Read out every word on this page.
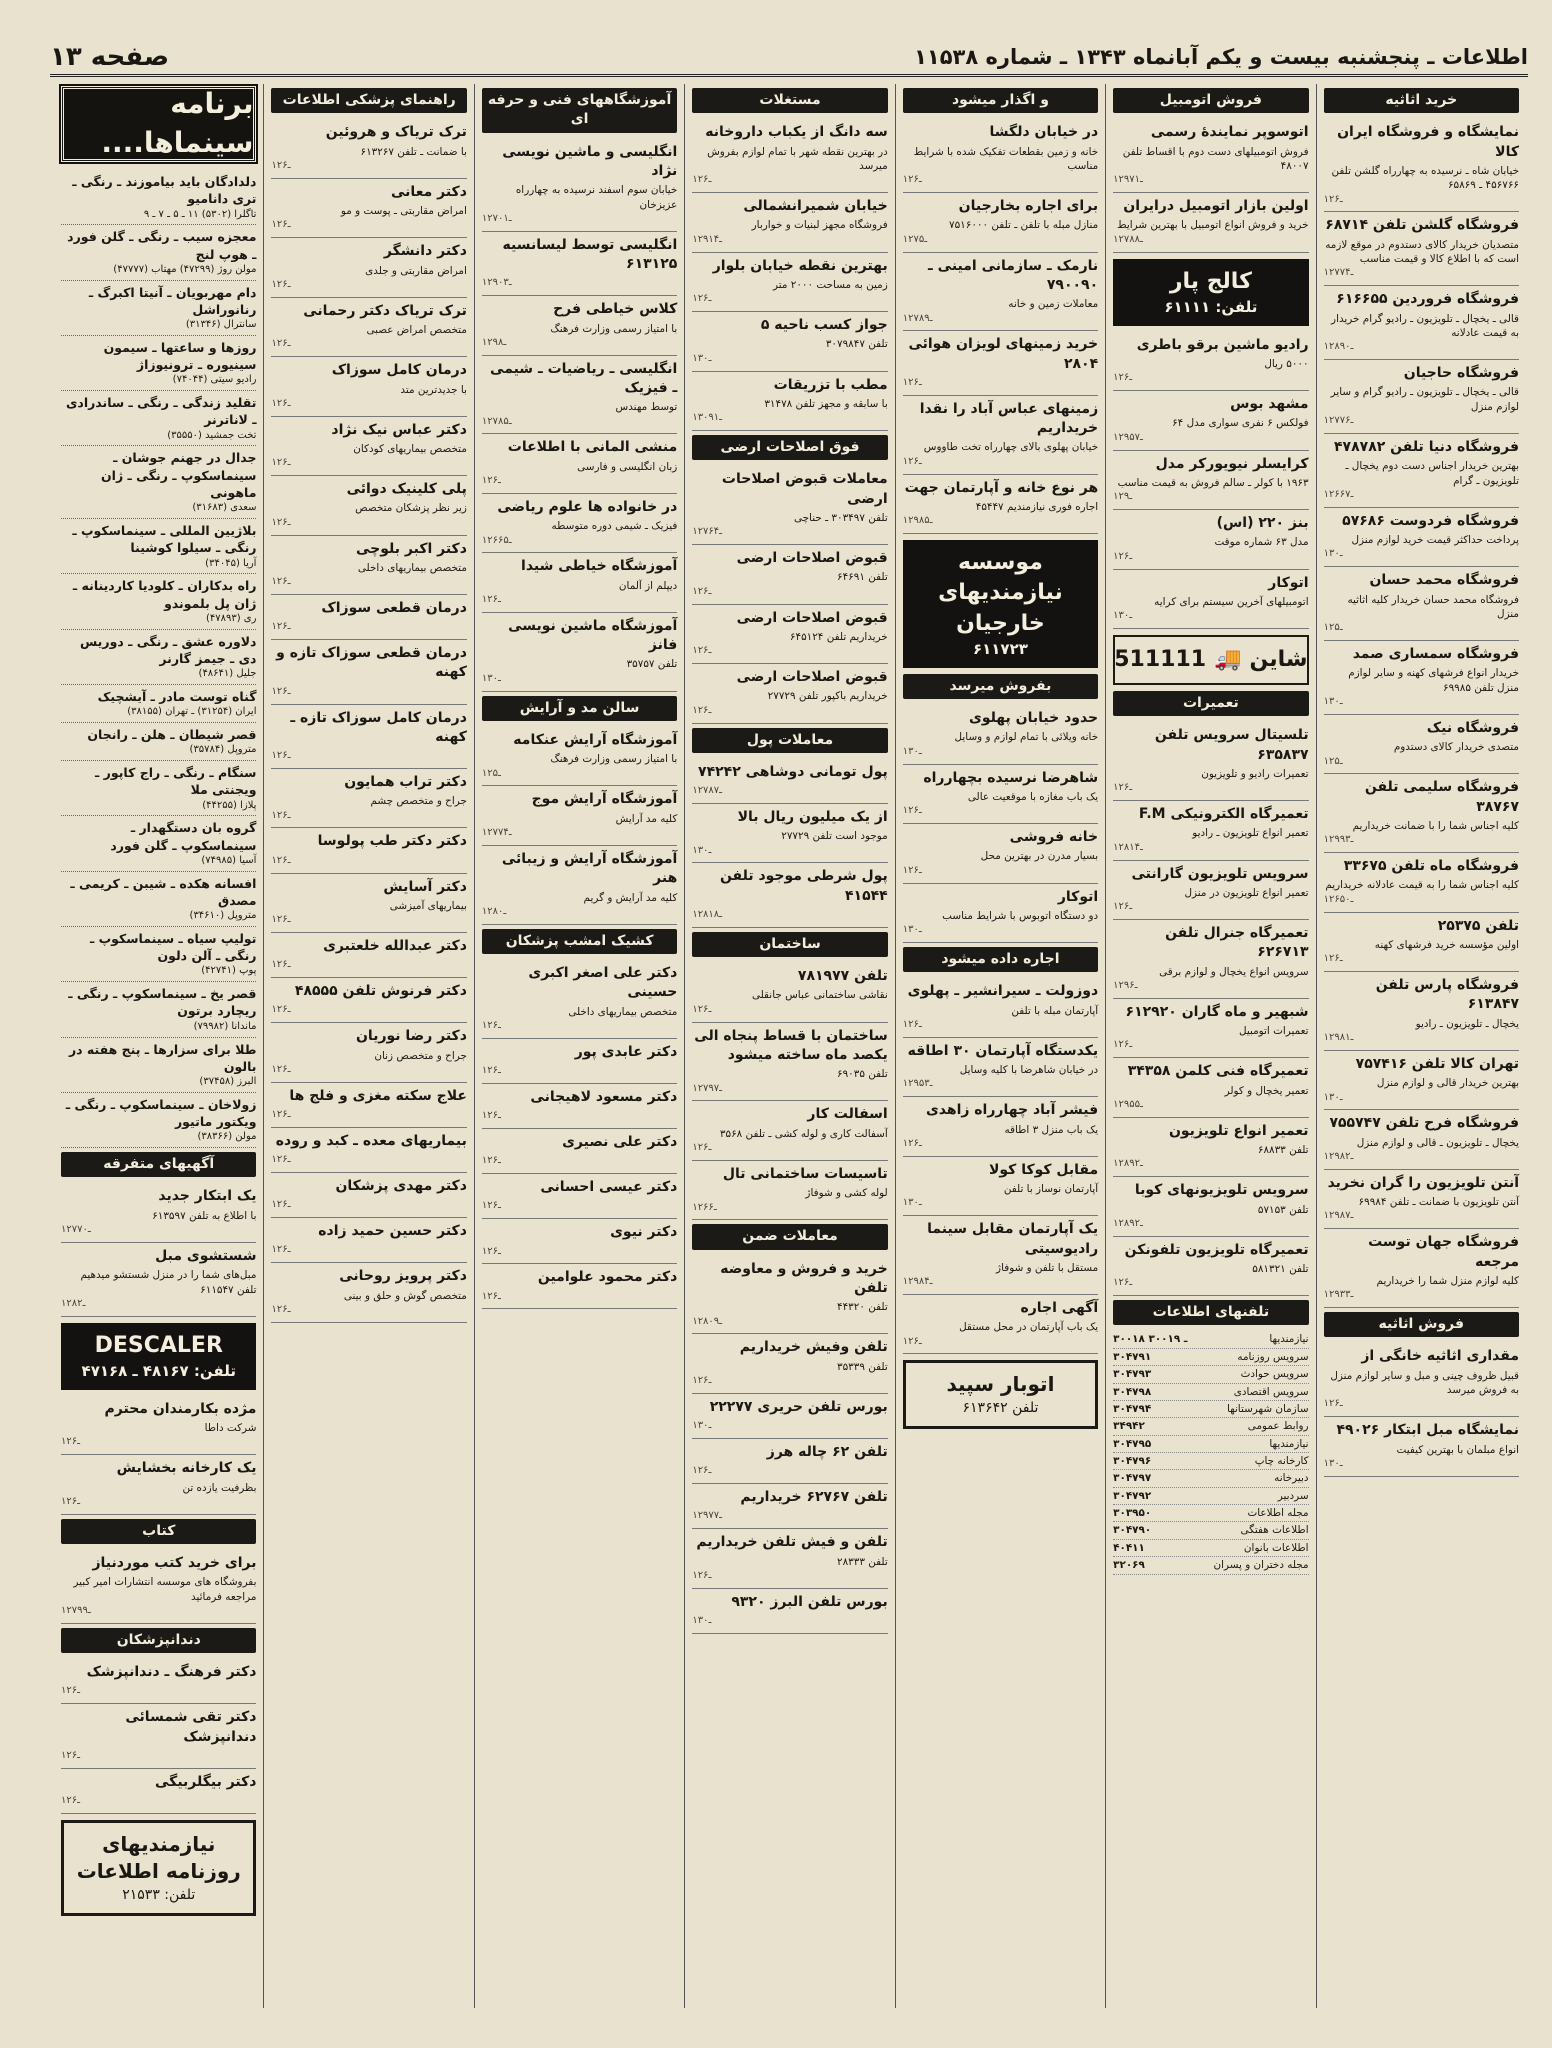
اطلاعات ـ پنجشنبه بیست و یکم آبانماه ۱۳۴۳ ـ شماره ۱۱۵۳۸
صفحه ۱۳
خرید اثاثیه
نمایشگاه و فروشگاه ایران کالا
خیابان شاه ـ نرسیده به چهارراه گلشن تلفن ۴۵۶۷۶۶ ـ ۶۵۸۶۹
۱ـ۲۶
فروشگاه گلشن تلفن ۶۸۷۱۴
متصدیان خریدار کالای دستدوم در موقع لازمه است که با اطلاع کالا و قیمت مناسب
۱ـ۲۷۷۴
فروشگاه فروردین ۶۱۶۶۵۵
قالی ـ یخچال ـ تلویزیون ـ رادیو گرام خریدار به قیمت عادلانه
۱ـ۲۸۹۰
فروشگاه حاجیان
قالی ـ یخچال ـ تلویزیون ـ رادیو گرام و سایر لوازم منزل
۱ـ۲۷۷۶
فروشگاه دنیا تلفن ۴۷۸۷۸۲
بهترین خریدار اجناس دست دوم یخچال ـ تلویزیون ـ گرام
۱ـ۲۶۶۷
فروشگاه فردوست ۵۷۶۸۶
پرداخت حداکثر قیمت خرید لوازم منزل
۱ـ۳۰
فروشگاه محمد حسان
فروشگاه محمد حسان خریدار کلیه اثاثیه منزل
۱ـ۲۵
فروشگاه سمساری صمد
خریدار انواع فرشهای کهنه و سایر لوازم منزل تلفن ۶۹۹۸۵
۱ـ۳۰
فروشگاه نیک
متصدی خریدار کالای دستدوم
۱ـ۲۵
فروشگاه سلیمی تلفن ۳۸۷۶۷
کلیه اجناس شما را با ضمانت خریداریم
۱ـ۲۹۹۳
فروشگاه ماه تلفن ۳۳۶۷۵
کلیه اجناس شما را به قیمت عادلانه خریداریم
۱ـ۲۶۵۰
تلفن ۲۵۳۷۵
اولین مؤسسه خرید فرشهای کهنه
۱ـ۲۶
فروشگاه پارس تلفن ۶۱۳۸۴۷
یخچال ـ تلویزیون ـ رادیو
۱ـ۲۹۸۱
تهران کالا تلفن ۷۵۷۴۱۶
بهترین خریدار قالی و لوازم منزل
۱ـ۳۰
فروشگاه فرح تلفن ۷۵۵۷۴۷
یخچال ـ تلویزیون ـ قالی و لوازم منزل
۱ـ۲۹۸۲
آنتن تلویزیون را گران نخرید
آنتن تلویزیون با ضمانت ـ تلفن ۶۹۹۸۴
۱ـ۲۹۸۷
فروشگاه جهان توست مرجعه
کلیه لوازم منزل شما را خریداریم
۱ـ۲۹۳۳
فروش اثاثیه
مقداری اثاثیه خانگی از
قبیل ظروف چینی و مبل و سایر لوازم منزل به فروش میرسد
۱ـ۲۶
نمایشگاه مبل ابتکار ۴۹۰۲۶
انواع مبلمان با بهترین کیفیت
۱ـ۳۰
فروش اتومبیل
اتوسوپر نمایندهٔ رسمی
فروش اتومبیلهای دست دوم با اقساط تلفن ۴۸۰۰۷
۱ـ۲۹۷۱
اولین بازار اتومبیل درایران
خرید و فروش انواع اتومبیل با بهترین شرایط
۱ـ۲۷۸۸
کالج پار
تلفن: ۶۱۱۱۱
رادیو ماشین برقو باطری
۵۰۰۰ ریال
۱ـ۲۶
مشهد بوس
فولکس ۶ نفری سواری مدل ۶۴
۱ـ۲۹۵۷
کرایسلر نیویورکر مدل
۱۹۶۳ با کولر ـ سالم فروش به قیمت مناسب
۱ـ۲۹
بنز ۲۲۰ (اس)
مدل ۶۳ شماره موقت
۱ـ۲۶
اتوکار
اتومبیلهای آخرین سیستم برای کرایه
۱ـ۳۰
511111 🚚 شاین
تعمیرات
تلسیتال سرویس تلفن ۶۳۵۸۳۷
تعمیرات رادیو و تلویزیون
۱ـ۲۶
تعمیرگاه الکترونیکی F.M
تعمیر انواع تلویزیون ـ رادیو
۱ـ۲۸۱۴
سرویس تلویزیون گارانتی
تعمیر انواع تلویزیون در منزل
۱ـ۲۶
تعمیرگاه جنرال تلفن ۶۲۶۷۱۳
سرویس انواع یخچال و لوازم برقی
۱ـ۲۹۶
شبهیر و ماه گاران ۶۱۲۹۲۰
تعمیرات اتومبیل
۱ـ۲۶
تعمیرگاه فنی کلمن ۳۴۳۵۸
تعمیر یخچال و کولر
۱ـ۲۹۵۵
تعمیر انواع تلویزیون
تلفن ۶۸۸۳۳
۱ـ۲۸۹۲
سرویس تلویزیونهای کوبا
تلفن ۵۷۱۵۳
۱ـ۲۸۹۲
تعمیرگاه تلویزیون تلفونکن
تلفن ۵۸۱۳۲۱
۱ـ۲۶
تلفنهای اطلاعات
نیازمندیها
۳۰۰۱۸ ـ ۳۰۰۱۹
سرویس روزنامه
۳۰۴۷۹۱
سرویس حوادث
۳۰۴۷۹۳
سرویس اقتصادی
۳۰۴۷۹۸
سازمان شهرستانها
۳۰۴۷۹۴
روابط عمومی
۳۴۹۴۲
نیازمندیها
۳۰۴۷۹۵
کارخانه چاپ
۳۰۴۷۹۶
دبیرخانه
۳۰۴۷۹۷
سردبیر
۳۰۴۷۹۲
مجله اطلاعات
۳۰۳۹۵۰
اطلاعات هفتگی
۳۰۴۷۹۰
اطلاعات بانوان
۴۰۴۱۱
مجله دختران و پسران
۳۲۰۶۹
و اگذار میشود
در خیابان دلگشا
خانه و زمین بقطعات تفکیک شده با شرایط مناسب
۱ـ۲۶
برای اجاره بخارجیان
منازل مبله با تلفن ـ تلفن ۷۵۱۶۰۰۰
۱ـ۲۷۵
نارمک ـ سازمانی امینی ـ ۷۹۰۰۹۰
معاملات زمین و خانه
۱ـ۲۷۸۹
خرید زمینهای لویزان هوائی ۲۸۰۴
۱ـ۲۶
زمینهای عباس آباد را نقدا خریداریم
خیابان پهلوی بالای چهارراه تخت طاووس
۱ـ۲۶
هر نوع خانه و آپارتمان جهت
اجاره فوری نیازمندیم ۴۵۴۴۷
۱ـ۲۹۸۵
موسسه نیازمندیهای خارجیان
۶۱۱۷۲۳
بفروش میرسد
حدود خیابان پهلوی
خانه ویلائی با تمام لوازم و وسایل
۱ـ۳۰
شاهرضا نرسیده بچهارراه
یک باب مغازه با موقعیت عالی
۱ـ۲۶
خانه فروشی
بسیار مدرن در بهترین محل
۱ـ۲۶
اتوکار
دو دستگاه اتوبوس با شرایط مناسب
۱ـ۳۰
اجاره داده میشود
دوزولت ـ سیرانشیر ـ پهلوی
آپارتمان مبله با تلفن
۱ـ۲۶
یکدستگاه آپارتمان ۳۰ اطاقه
در خیابان شاهرضا با کلیه وسایل
۱ـ۲۹۵۳
فیشر آباد چهارراه زاهدی
یک باب منزل ۳ اطاقه
۱ـ۲۶
مقابل کوکا کولا
آپارتمان نوساز با تلفن
۱ـ۳۰
یک آپارتمان مقابل سینما رادیوسیتی
مستقل با تلفن و شوفاژ
۱ـ۲۹۸۴
آگهی اجاره
یک باب آپارتمان در محل مستقل
۱ـ۲۶
اتوبار سپید
تلفن ۶۱۳۶۴۲
مستغلات
سه دانگ از یکباب داروخانه
در بهترین نقطه شهر با تمام لوازم بفروش میرسد
۱ـ۲۶
خیابان شمیرانشمالی
فروشگاه مجهز لبنیات و خواربار
۱ـ۲۹۱۴
بهترین نقطه خیابان بلوار
زمین به مساحت ۲۰۰۰ متر
۱ـ۲۶
جواز کسب ناحیه ۵
تلفن ۳۰۷۹۸۴۷
۱ـ۳۰
مطب با تزریقات
با سابقه و مجهز تلفن ۳۱۴۷۸
۱ـ۳۰۹۱
فوق اصلاحات ارضی
معاملات قبوض اصلاحات ارضی
تلفن ۳۰۳۴۹۷ ـ حناچی
۱ـ۲۷۶۴
قبوض اصلاحات ارضی
تلفن ۶۴۶۹۱
۱ـ۲۶
قبوض اصلاحات ارضی
خریداریم تلفن ۶۴۵۱۲۴
۱ـ۲۶
قبوض اصلاحات ارضی
خریداریم باکپور تلفن ۲۷۷۲۹
۱ـ۲۶
معاملات پول
پول تومانی دوشاهی ۷۴۲۴۲
۱ـ۲۷۸۷
از یک میلیون ریال بالا
موجود است تلفن ۲۷۷۲۹
۱ـ۳۰
پول شرطی موجود تلفن ۴۱۵۴۴
۱ـ۲۸۱۸
ساختمان
تلفن ۷۸۱۹۷۷
نقاشی ساختمانی عباس جانقلی
۱ـ۲۶
ساختمان با قساط پنجاه الی یکصد ماه ساخته میشود
تلفن ۶۹۰۳۵
۱ـ۲۷۹۷
اسفالت کار
آسفالت کاری و لوله کشی ـ تلفن ۳۵۶۸
۱ـ۲۶
تاسیسات ساختمانی تال
لوله کشی و شوفاژ
۱ـ۲۶۶
معاملات ضمن
خرید و فروش و معاوضه تلفن
تلفن ۴۴۳۲۰
۱ـ۲۸۰۹
تلفن وفیش خریداریم
تلفن ۳۵۳۳۹
۱ـ۲۶
بورس تلفن حریری ۲۲۲۷۷
۱ـ۳۰
تلفن ۶۲ چاله هرز
۱ـ۲۶
تلفن ۶۲۷۶۷ خریداریم
۱ـ۲۹۷۷
تلفن و فیش تلفن خریداریم
تلفن ۲۸۳۳۳
۱ـ۲۶
بورس تلفن البرز ۹۳۲۰
۱ـ۳۰
آموزشگاههای فنی و حرفه ای
انگلیسی و ماشین نویسی نژاد
خیابان سوم اسفند نرسیده به چهارراه عزیزخان
۱ـ۲۷۰۱
انگلیسی توسط لیسانسیه ۶۱۳۱۲۵
۱ـ۲۹۰۳
کلاس خیاطی فرح
با امتیاز رسمی وزارت فرهنگ
۱ـ۲۹۸
انگلیسی ـ ریاضیات ـ شیمی ـ فیزیک
توسط مهندس
۱ـ۲۷۸۵
منشی المانی با اطلاعات
زبان انگلیسی و فارسی
۱ـ۲۶
در خانواده ها علوم ریاضی
فیزیک ـ شیمی دوره متوسطه
۱ـ۲۶۶۵
آموزشگاه خیاطی شیدا
دیپلم از آلمان
۱ـ۲۶
آموزشگاه ماشین نویسی فانز
تلفن ۳۵۷۵۷
۱ـ۳۰
سالن مد و آرایش
آموزشگاه آرایش عنکامه
با امتیاز رسمی وزارت فرهنگ
۱ـ۲۵
آموزشگاه آرایش موج
کلیه مد آرایش
۱ـ۲۷۷۴
آموزشگاه آرایش و زیبائی هنر
کلیه مد آرایش و گریم
۱ـ۲۸۰
کشیک امشب پزشکان
دکتر علی اصغر اکبری حسینی
متخصص بیماریهای داخلی
۱ـ۲۶
دکتر عابدی پور
۱ـ۲۶
دکتر مسعود لاهیجانی
۱ـ۲۶
دکتر علی نصیری
۱ـ۲۶
دکتر عیسی احسانی
۱ـ۲۶
دکتر نیوی
۱ـ۲۶
دکتر محمود علوامین
۱ـ۲۶
راهنمای پزشکی اطلاعات
ترک تریاک و هروئین
با ضمانت ـ تلفن ۶۱۳۲۶۷
۱ـ۲۶
دکتر معانی
امراض مقاربتی ـ پوست و مو
۱ـ۲۶
دکتر دانشگر
امراض مقاربتی و جلدی
۱ـ۲۶
ترک تریاک دکتر رحمانی
متخصص امراض عصبی
۱ـ۲۶
درمان کامل سوزاک
با جدیدترین متد
۱ـ۲۶
دکتر عباس نیک نژاد
متخصص بیماریهای کودکان
۱ـ۲۶
پلی کلینیک دوائی
زیر نظر پزشکان متخصص
۱ـ۲۶
دکتر اکبر بلوچی
متخصص بیماریهای داخلی
۱ـ۲۶
درمان قطعی سوزاک
۱ـ۲۶
درمان قطعی سوزاک تازه و کهنه
۱ـ۲۶
درمان کامل سوزاک تازه ـ کهنه
۱ـ۲۶
دکتر تراب همایون
جراح و متخصص چشم
۱ـ۲۶
دکتر دکتر طب پولوسا
۱ـ۲۶
دکتر آسایش
بیماریهای آمیزشی
۱ـ۲۶
دکتر عبدالله خلعتبری
۱ـ۲۶
دکتر فرنوش تلفن ۴۸۵۵۵
۱ـ۲۶
دکتر رضا نوریان
جراح و متخصص زنان
۱ـ۲۶
علاج سکته مغزی و فلج ها
۱ـ۲۶
بیماریهای معده ـ کبد و روده
۱ـ۲۶
دکتر مهدی پزشکان
۱ـ۲۶
دکتر حسین حمید زاده
۱ـ۲۶
دکتر پرویز روحانی
متخصص گوش و حلق و بینی
۱ـ۲۶
برنامه سینماها....
دلدادگان باید بیاموزند ـ رنگی ـ تری دانامیو
تاگلرا (۵۳۰۲) ۱۱ ـ ۵ ـ ۷ ـ ۹
معجزه سیب ـ رنگی ـ گلن فورد ـ هوپ لنج
مولن روژ (۴۷۲۹۹) مهتاب (۴۷۷۷۷)
دام مهربویان ـ آنیتا اکبرگ ـ رنانوراشل
سانترال (۳۱۳۴۶)
روزها و ساعتها ـ سیمون سینیوره ـ ترونیوزاژ
رادیو سیتی (۷۴۰۴۴)
تقلید زندگی ـ رنگی ـ ساندرادی ـ لاناترنر
تخت جمشید (۳۵۵۵۰)
جدال در جهنم جوشان ـ سینماسکوپ ـ رنگی ـ ژان ماهونی
سعدی (۳۱۶۸۳)
بلاژیین المللی ـ سینماسکوپ ـ رنگی ـ سیلوا کوشینا
آریا (۳۴۰۴۵)
راه بدکاران ـ کلودیا کاردینانه ـ ژان پل بلموندو
ری (۴۷۸۹۳)
دلاوره عشق ـ رنگی ـ دوریس دی ـ جیمز گارنر
جلیل (۴۸۶۴۱)
گناه توست مادر ـ آیشچیک
ایران (۳۱۲۵۴) ـ تهران (۳۸۱۵۵)
قصر شیطان ـ هلن ـ رانجان
متروپل (۳۵۷۸۴)
سنگام ـ رنگی ـ راج کاپور ـ ویجنتی ملا
پلازا (۴۴۲۵۵)
گروه بان دستگهدار ـ سینماسکوپ ـ گلن فورد
آسیا (۷۴۹۸۵)
افسانه هکده ـ شیبن ـ کریمی ـ مصدق
متروپل (۳۴۶۱۰)
تولیپ سیاه ـ سینماسکوپ ـ رنگی ـ آلن دلون
پوپ (۴۲۷۴۱)
قصر یخ ـ سینماسکوپ ـ رنگی ـ ریچارد برتون
ماندانا (۷۹۹۸۲)
طلا برای سزارها ـ پنج هفته در بالون
البرز (۳۷۴۵۸)
زولاخان ـ سینماسکوپ ـ رنگی ـ ویکتور ماتیور
مولن (۳۸۳۶۶)
آگهیهای متفرقه
یک ابتکار جدید
با اطلاع به تلفن ۶۱۳۵۹۷
۱ـ۲۷۷۰
شستشوی مبل
مبل‌های شما را در منزل شستشو میدهیم تلفن ۶۱۱۵۴۷
۱ـ۲۸۲
DESCALER
تلفن: ۴۸۱۶۷ ـ ۴۷۱۶۸
مژده بکارمندان محترم
شرکت داطا
۱ـ۲۶
یک کارخانه بخشایش
بظرفیت یازده تن
۱ـ۲۶
کتاب
برای خرید کتب موردنیاز
بفروشگاه های موسسه انتشارات امیر کبیر مراجعه فرمائید
۱ـ۲۷۹۹
دندانپزشکان
دکتر فرهنگ ـ دندانپزشک
۱ـ۲۶
دکتر تقی شمسائی دندانپزشک
۱ـ۲۶
دکتر بیگلربیگی
۱ـ۲۶
نیازمندیهای روزنامه اطلاعات
تلفن: ۲۱۵۳۳
